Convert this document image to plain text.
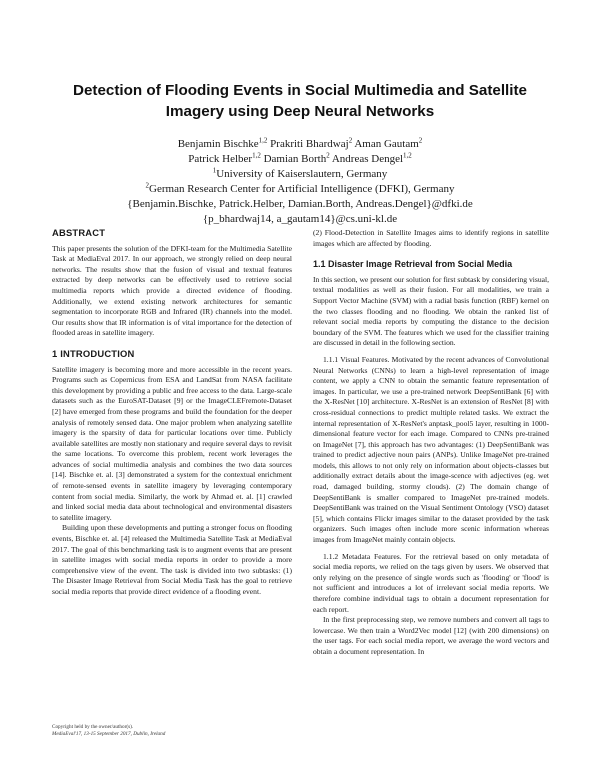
Detection of Flooding Events in Social Multimedia and Satellite
Imagery using Deep Neural Networks
Benjamin Bischke$^{1,2}$ Prakriti Bhardwaj$^2$ Aman Gautam$^2$
Patrick Helber$^{1,2}$ Damian Borth$^2$ Andreas Dengel$^{1,2}$
$^1$University of Kaiserslautern, Germany
$^2$German Research Center for Artificial Intelligence (DFKI), Germany
{Benjamin.Bischke, Patrick.Helber, Damian.Borth, Andreas.Dengel}@dfki.de
{p_bhardwaj14, a_gautam14}@cs.uni-kl.de
ABSTRACT

This paper presents the solution of the DFKI-team for the Multimedia Satellite Task at MediaEval 2017. In our approach, we strongly relied on deep neural networks. The results show that the fusion of visual and textual features extracted by deep networks can be effectively used to retrieve social multimedia reports which provide a directed evidence of flooding. Additionally, we extend existing network architectures for semantic segmentation to incorporate RGB and Infrared (IR) channels into the model. Our results show that IR information is of vital importance for the detection of flooded areas in satellite imagery.

1 INTRODUCTION

Satellite imagery is becoming more and more accessible in the recent years. Programs such as Copernicus from ESA and LandSat from NASA facilitate this development by providing a public and free access to the data. Large-scale datasets such as the EuroSAT-Dataset [9] or the ImageCLEFremote-Dataset [2] have emerged from these programs and build the foundation for the deeper analysis of remotely sensed data. One major problem when analyzing satellite imagery is the sparsity of data for particular locations over time. Publicly available satellites are mostly non stationary and require several days to revisit the same locations. To overcome this problem, recent work leverages the advances of social multimedia analysis and combines the two data sources [14]. Bischke et. al. [3] demonstrated a system for the contextual enrichment of remote-sensed events in satellite imagery by leveraging contemporary content from social media. Similarly, the work by Ahmad et. al. [1] crawled and linked social media data about technological and environmental disasters to satellite imagery.

Building upon these developments and putting a stronger focus on flooding events, Bischke et. al. [4] released the Multimedia Satellite Task at MediaEval 2017. The goal of this benchmarking task is to augment events that are present in satellite images with social media reports in order to provide a more comprehensive view of the event. The task is divided into two subtasks: (1) The Disaster Image Retrieval from Social Media Task has the goal to retrieve social media reports that provide direct evidence of a flooding event.

Copyright held by the owner/author(s).
MediaEval'17, 13-15 September 2017, Dublin, Ireland

(2) Flood-Detection in Satellite Images aims to identify regions in satellite images which are affected by flooding.

1.1 Disaster Image Retrieval from Social Media

In this section, we present our solution for first subtask by considering visual, textual modalities as well as their fusion. For all modalities, we train a Support Vector Machine (SVM) with a radial basis function (RBF) kernel on the two classes flooding and no flooding. We obtain the ranked list of relevant social media reports by computing the distance to the decision boundary of the SVM. The features which we used for the classifier training are discussed in detail in the following section.

1.1.1 Visual Features. Motivated by the recent advances of Convolutional Neural Networks (CNNs) to learn a high-level representation of image content, we apply a CNN to obtain the semantic feature representation of images. In particular, we use a pre-trained network DeepSentiBank [6] with the X-ResNet [10] architecture. X-ResNet is an extension of ResNet [8] with cross-residual connections to predict multiple related tasks. We extract the internal representation of X-ResNet's anptask_pool5 layer, resulting in 1000-dimensional feature vector for each image. Compared to CNNs pre-trained on ImageNet [7], this approach has two advantages: (1) DeepSentiBank was trained to predict adjective noun pairs (ANPs). Unlike ImageNet pre-trained models, this allows to not only rely on information about objects-classes but additionally extract details about the image-scence with adjectives (eg. wet road, damaged building, stormy clouds). (2) The domain change of DeepSentiBank is smaller compared to ImageNet pre-trained models. DeepSentiBank was trained on the Visual Sentiment Ontology (VSO) dataset [5], which contains Flickr images similar to the dataset provided by the task organizers. Such images often include more scenic information whereas images from ImageNet mainly contain objects.

1.1.2 Metadata Features. For the retrieval based on only metadata of social media reports, we relied on the tags given by users. We observed that only relying on the presence of single words such as 'flooding' or 'flood' is not sufficient and introduces a lot of irrelevant social media reports. We therefore combine individual tags to obtain a document representation for each report.

In the first preprocessing step, we remove numbers and convert all tags to lowercase. We then train a Word2Vec model [12] (with 200 dimensions) on the user tags. For each social media report, we average the word vectors and obtain a document representation. In
